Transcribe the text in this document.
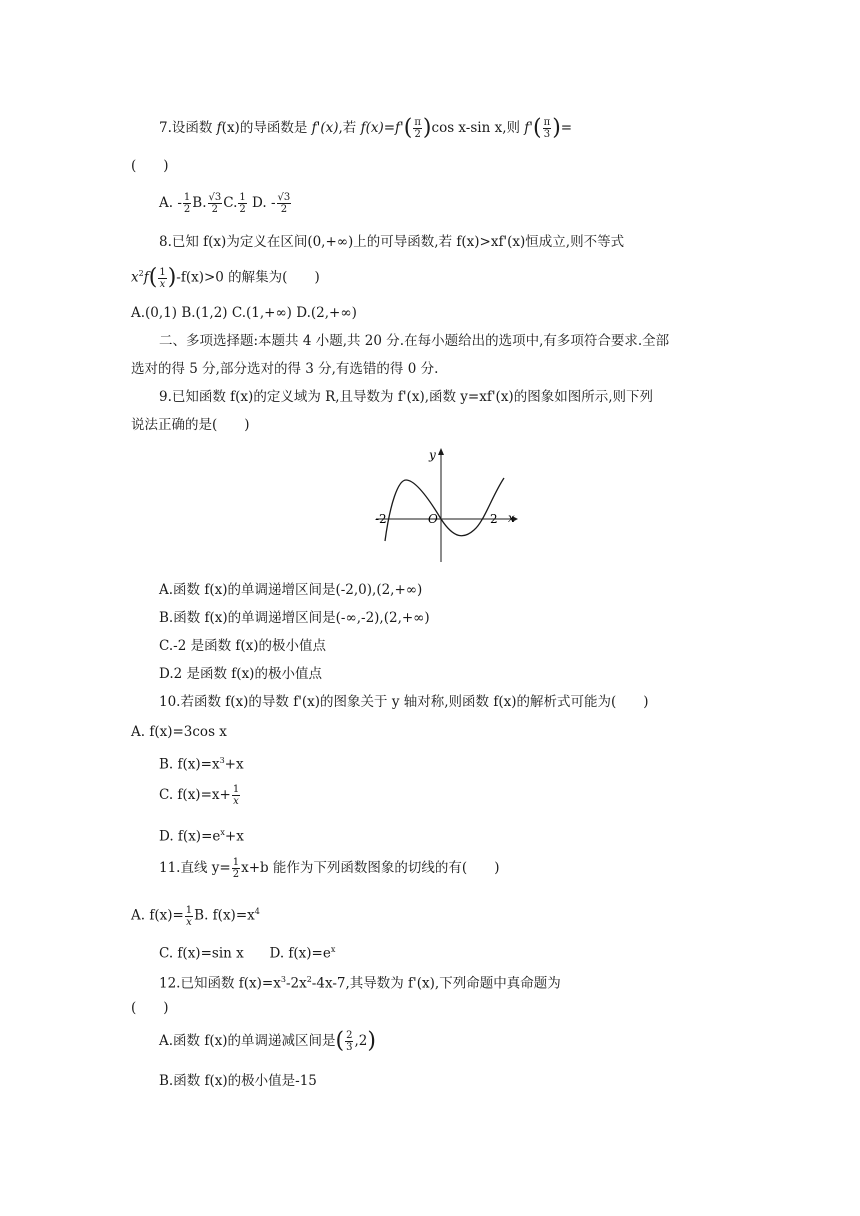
7.设函数 f(x)的导函数是 f'(x),若 $f(x)=f'( \frac{\pi}{2} )\cos$ x-sin x,则 $f'( \frac{\pi}{3}$ )=
(　　)
A. - $\frac{1}{2} B$. $\frac{√3}{2} C$. $\frac{1}{2} D$. - $\frac{√3}{2}$
8.已知 f(x)为定义在区间(0,+∞)上的可导函数,若 f(x)>xf'(x)恒成立,则不等式
$x^2f( \frac{1}{x} )-f(x)>0$ 的解集为(　　)
A.(0,1) B.(1,2) C.(1,+∞) D.(2,+∞)
二、多项选择题:本题共 4 小题,共 20 分.在每小题给出的选项中,有多项符合要求.全部
选对的得 5 分,部分选对的得 3 分,有选错的得 0 分.
9.已知函数 f(x)的定义域为 R,且导数为 f'(x),函数 y=xf'(x)的图象如图所示,则下列
说法正确的是(　　)
y
x
O
-2	2
A.函数 f(x)的单调递增区间是(-2,0),(2,+∞)
B.函数 f(x)的单调递增区间是(-∞,-2),(2,+∞)
C.-2 是函数 f(x)的极小值点
D.2 是函数 f(x)的极小值点
10.若函数 f(x)的导数 f'(x)的图象关于 y 轴对称,则函数 f(x)的解析式可能为(　　)
A. f(x)=3cos x
B. $f(x)=x^3+x$
C. $f(x)=x+ \frac{1}{x}$
D. $f(x)=e^x+x$
11.直线 $y= \frac{1}{2} x+b$ 能作为下列函数图象的切线的有(　　)
A. $f(x)= \frac{1}{x} B$. $f(x)=x^4$
C. f(x)=sin x D. $f(x)=e^x$
12.已知函数 $f(x)=x^3-2x^2-4x-7$,其导数为 f'(x),下列命题中真命题为
(　　)
A.函数 f(x)的单调递减区间是( $\frac{2}{3} ,2$)
B.函数 f(x)的极小值是-15
